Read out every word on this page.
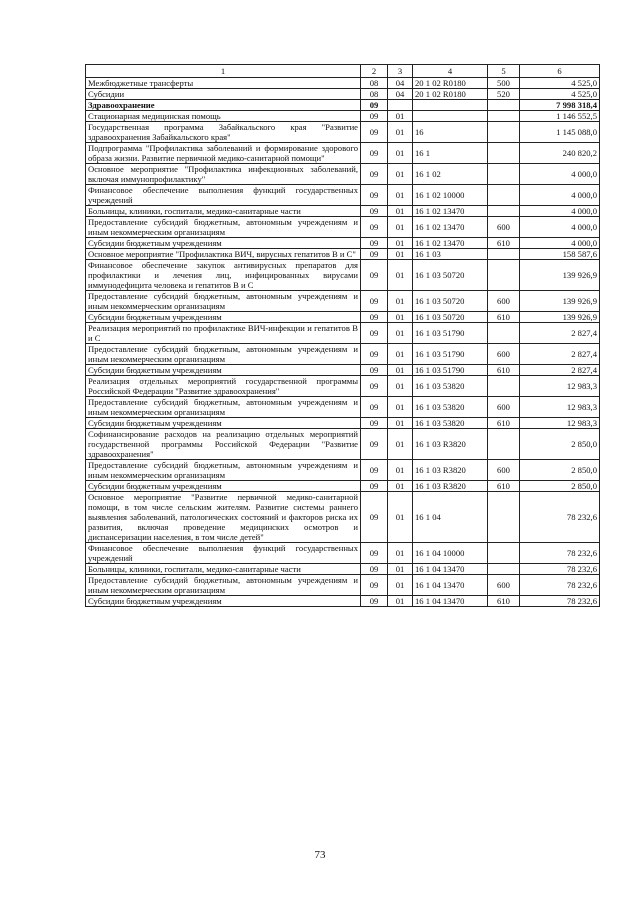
1	2	3	4	5	6
Межбюджетные трансферты	08	04	20 1 02 R0180	500	4 525,0
Субсидии	08	04	20 1 02 R0180	520	4 525,0
Здравоохранение	09				7 998 318,4
Стационарная медицинская помощь	09	01			1 146 552,5
Государственная программа Забайкальского края "Развитие здравоохранения Забайкальского края"	09	01	16		1 145 088,0
Подпрограмма "Профилактика заболеваний и формирование здорового образа жизни. Развитие первичной медико-санитарной помощи"	09	01	16 1		240 820,2
Основное мероприятие "Профилактика инфекционных заболеваний, включая иммунопрофилактику"	09	01	16 1 02		4 000,0
Финансовое обеспечение выполнения функций государственных учреждений	09	01	16 1 02 10000		4 000,0
Больницы, клиники, госпитали, медико-санитарные части	09	01	16 1 02 13470		4 000,0
Предоставление субсидий бюджетным, автономным учреждениям и иным некоммерческим организациям	09	01	16 1 02 13470	600	4 000,0
Субсидии бюджетным учреждениям	09	01	16 1 02 13470	610	4 000,0
Основное мероприятие "Профилактика ВИЧ, вирусных гепатитов В и С"	09	01	16 1 03		158 587,6
Финансовое обеспечение закупок антивирусных препаратов для профилактики и лечения лиц, инфицированных вирусами иммунодефицита человека и гепатитов В и С	09	01	16 1 03 50720		139 926,9
Предоставление субсидий бюджетным, автономным учреждениям и иным некоммерческим организациям	09	01	16 1 03 50720	600	139 926,9
Субсидии бюджетным учреждениям	09	01	16 1 03 50720	610	139 926,9
Реализация мероприятий по профилактике ВИЧ-инфекции и гепатитов В и С	09	01	16 1 03 51790		2 827,4
Предоставление субсидий бюджетным, автономным учреждениям и иным некоммерческим организациям	09	01	16 1 03 51790	600	2 827,4
Субсидии бюджетным учреждениям	09	01	16 1 03 51790	610	2 827,4
Реализация отдельных мероприятий государственной программы Российской Федерации "Развитие здравоохранения"	09	01	16 1 03 53820		12 983,3
Предоставление субсидий бюджетным, автономным учреждениям и иным некоммерческим организациям	09	01	16 1 03 53820	600	12 983,3
Субсидии бюджетным учреждениям	09	01	16 1 03 53820	610	12 983,3
Софинансирование расходов на реализацию отдельных мероприятий государственной программы Российской Федерации "Развитие здравоохранения"	09	01	16 1 03 R3820		2 850,0
Предоставление субсидий бюджетным, автономным учреждениям и иным некоммерческим организациям	09	01	16 1 03 R3820	600	2 850,0
Субсидии бюджетным учреждениям	09	01	16 1 03 R3820	610	2 850,0
Основное мероприятие "Развитие первичной медико-санитарной помощи, в том числе сельским жителям. Развитие системы раннего выявления заболеваний, патологических состояний и факторов риска их развития, включая проведение медицинских осмотров и диспансеризации населения, в том числе детей"	09	01	16 1 04		78 232,6
Финансовое обеспечение выполнения функций государственных учреждений	09	01	16 1 04 10000		78 232,6
Больницы, клиники, госпитали, медико-санитарные части	09	01	16 1 04 13470		78 232,6
Предоставление субсидий бюджетным, автономным учреждениям и иным некоммерческим организациям	09	01	16 1 04 13470	600	78 232,6
Субсидии бюджетным учреждениям	09	01	16 1 04 13470	610	78 232,6
73
